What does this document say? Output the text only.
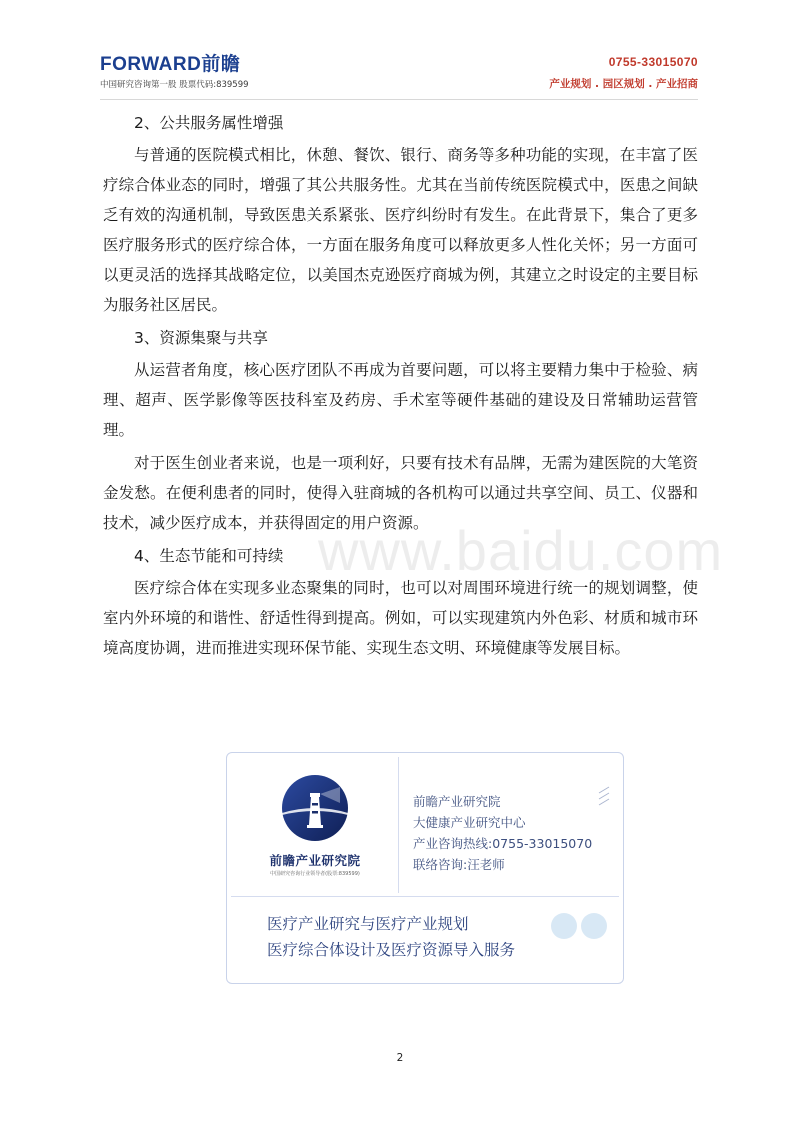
FORWARD前瞻
中国研究咨询第一股 股票代码:839599
0755-33015070
产业规划 . 园区规划 . 产业招商
2、公共服务属性增强

与普通的医院模式相比，休憩、餐饮、银行、商务等多种功能的实现，在丰富了医疗综合体业态的同时，增强了其公共服务性。尤其在当前传统医院模式中，医患之间缺乏有效的沟通机制，导致医患关系紧张、医疗纠纷时有发生。在此背景下，集合了更多医疗服务形式的医疗综合体，一方面在服务角度可以释放更多人性化关怀；另一方面可以更灵活的选择其战略定位，以美国杰克逊医疗商城为例，其建立之时设定的主要目标为服务社区居民。

3、资源集聚与共享

从运营者角度，核心医疗团队不再成为首要问题，可以将主要精力集中于检验、病理、超声、医学影像等医技科室及药房、手术室等硬件基础的建设及日常辅助运营管理。

对于医生创业者来说，也是一项利好，只要有技术有品牌，无需为建医院的大笔资金发愁。在便利患者的同时，使得入驻商城的各机构可以通过共享空间、员工、仪器和技术，减少医疗成本，并获得固定的用户资源。

4、生态节能和可持续

医疗综合体在实现多业态聚集的同时，也可以对周围环境进行统一的规划调整，使室内外环境的和谐性、舒适性得到提高。例如，可以实现建筑内外色彩、材质和城市环境高度协调，进而推进实现环保节能、实现生态文明、环境健康等发展目标。

www.baidu.com
前瞻产业研究院
中国研究咨询行业领导者(股票:839599)
前瞻产业研究院
大健康产业研究中心
产业咨询热线:0755-33015070
联络咨询:汪老师
医疗产业研究与医疗产业规划
医疗综合体设计及医疗资源导入服务
2
